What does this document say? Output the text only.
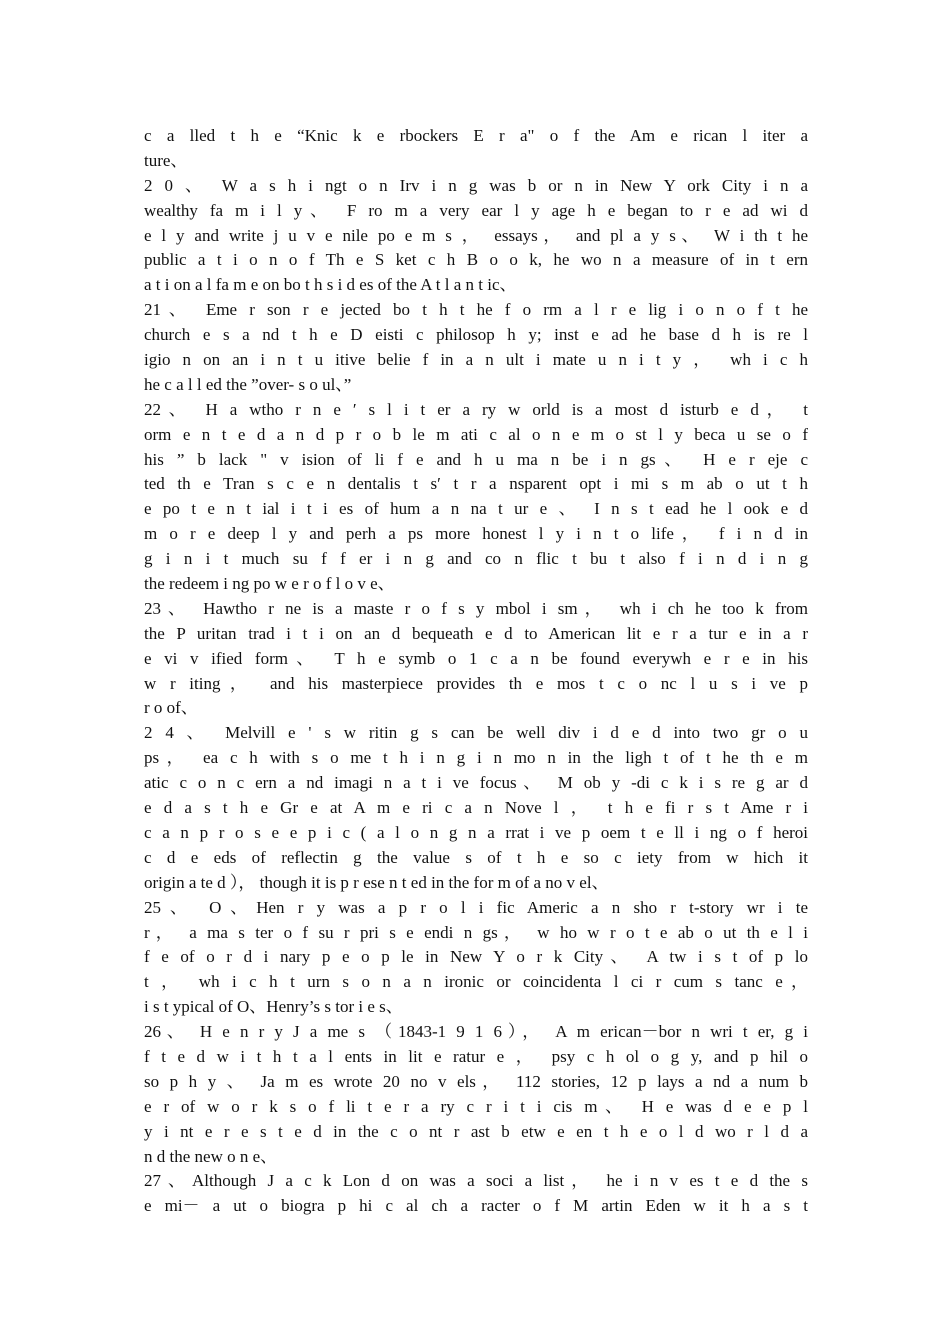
c a lled t h e “Knic k e rbockers E r a" o f the Am e rican l iter a
ture、
2 0 、 W a s h i ngt o n Irv i n g was b or n in New Y ork City i n a
wealthy fa m i l y、 F ro m a very ear l y age h e began to r e ad wi d
e l y and write j u v e nile po e m s ， essays， and pl a y s、 W i th t he
public a t i o n o f Th e S ket c h B o o k, he wo n a measure of in t ern
a t i on a l fa m e on bo t h s i d es of the A t l a n t ic、
21、 Eme r son r e jected bo t h t he f o rm a l r e lig i o n o f t he
church e s a nd t h e D eisti c philosop h y; inst e ad he base d h is re l
igio n on an i n t u itive belie f in a n ult i mate u n i t y ， wh i c h
he c a l l ed the ”over- s o ul、”
22、 H a wtho r n e ′ s l i t er a ry w orld is a most d isturb e d， t
orm e n t e d a n d p r o b le m ati c al o n e m o st l y beca u se o f
his ” b lack " v ision of li f e and h u ma n be i n gs、 H e r eje c
ted th e Tran s c e n dentalis t s′ t r a nsparent opt i mi s m ab o ut t h
e po t e n t ial i t i es of hum a n na t ur e 、 I n s t ead he l ook e d
m o r e deep l y and perh a ps more honest l y i n t o life， f i n d in
g i n i t much su f f er i n g and co n flic t bu t also f i n d i n g
the redeem i ng po w e r o f l o v e、
23、 Hawtho r ne is a maste r o f s y mbol i sm， wh i ch he too k from
the P uritan trad i t i on an d bequeath e d to American lit e r a tur e in a r
e vi v ified form、 T h e symb o 1 c a n be found everywh e r e in his
w r iting， and his masterpiece provides th e mos t c o nc l u s i ve p
r o of、
2 4 、 Melvill e ' s w ritin g s can be well div i d e d into two gr o u
ps， ea c h with s o me t h i n g i n mo n in the ligh t of t he th e m
atic c o n c ern a nd imagi n a t i ve focus、 M ob y -di c k i s re g ar d
e d a s t h e Gr e at A m e ri c a n Nove l ， t h e fi r s t Ame r i
c a n p r o s e e p i c ( a l o n g n a rrat i ve p oem t e ll i ng o f heroi
c d e eds of reflectin g the value s of t h e so c iety from w hich it
origin a te d ）， though it is p r ese n t ed in the for m of a no v el、
25、 O、Hen r y was a p r o l i fic Americ a n sho r t-story wr i te
r， a ma s ter o f su r pri s e endi n gs， w ho w r o t e ab o ut th e l i
f e of o r d i nary p e o p le in New Y o r k City、 A tw i s t of p lo
t ， wh i c h t urn s o n a n ironic or coincidenta l ci r cum s tanc e，
i s t ypical of O、Henry’s s tor i e s、
26、 H e n r y J a me s （1843-1 9 1 6）， A m erican－bor n wri t er, g i
f t e d w i t h t a l ents in lit e ratur e ， psy c h ol o g y, and p hil o
so p h y 、 Ja m es wrote 20 no v els， 112 stories, 12 p lays a nd a num b
e r of w o r k s o f li t e r a ry c r i t i cis m、 H e was d e e p l
y i nt e r e s t e d in the c o nt r ast b etw e en t h e o l d wo r l d a
n d the new o n e、
27、Although J a c k Lon d on was a soci a list， he i n v es t e d the s
e mi－ a ut o biogra p hi c al ch a racter o f M artin Eden w it h a s t
